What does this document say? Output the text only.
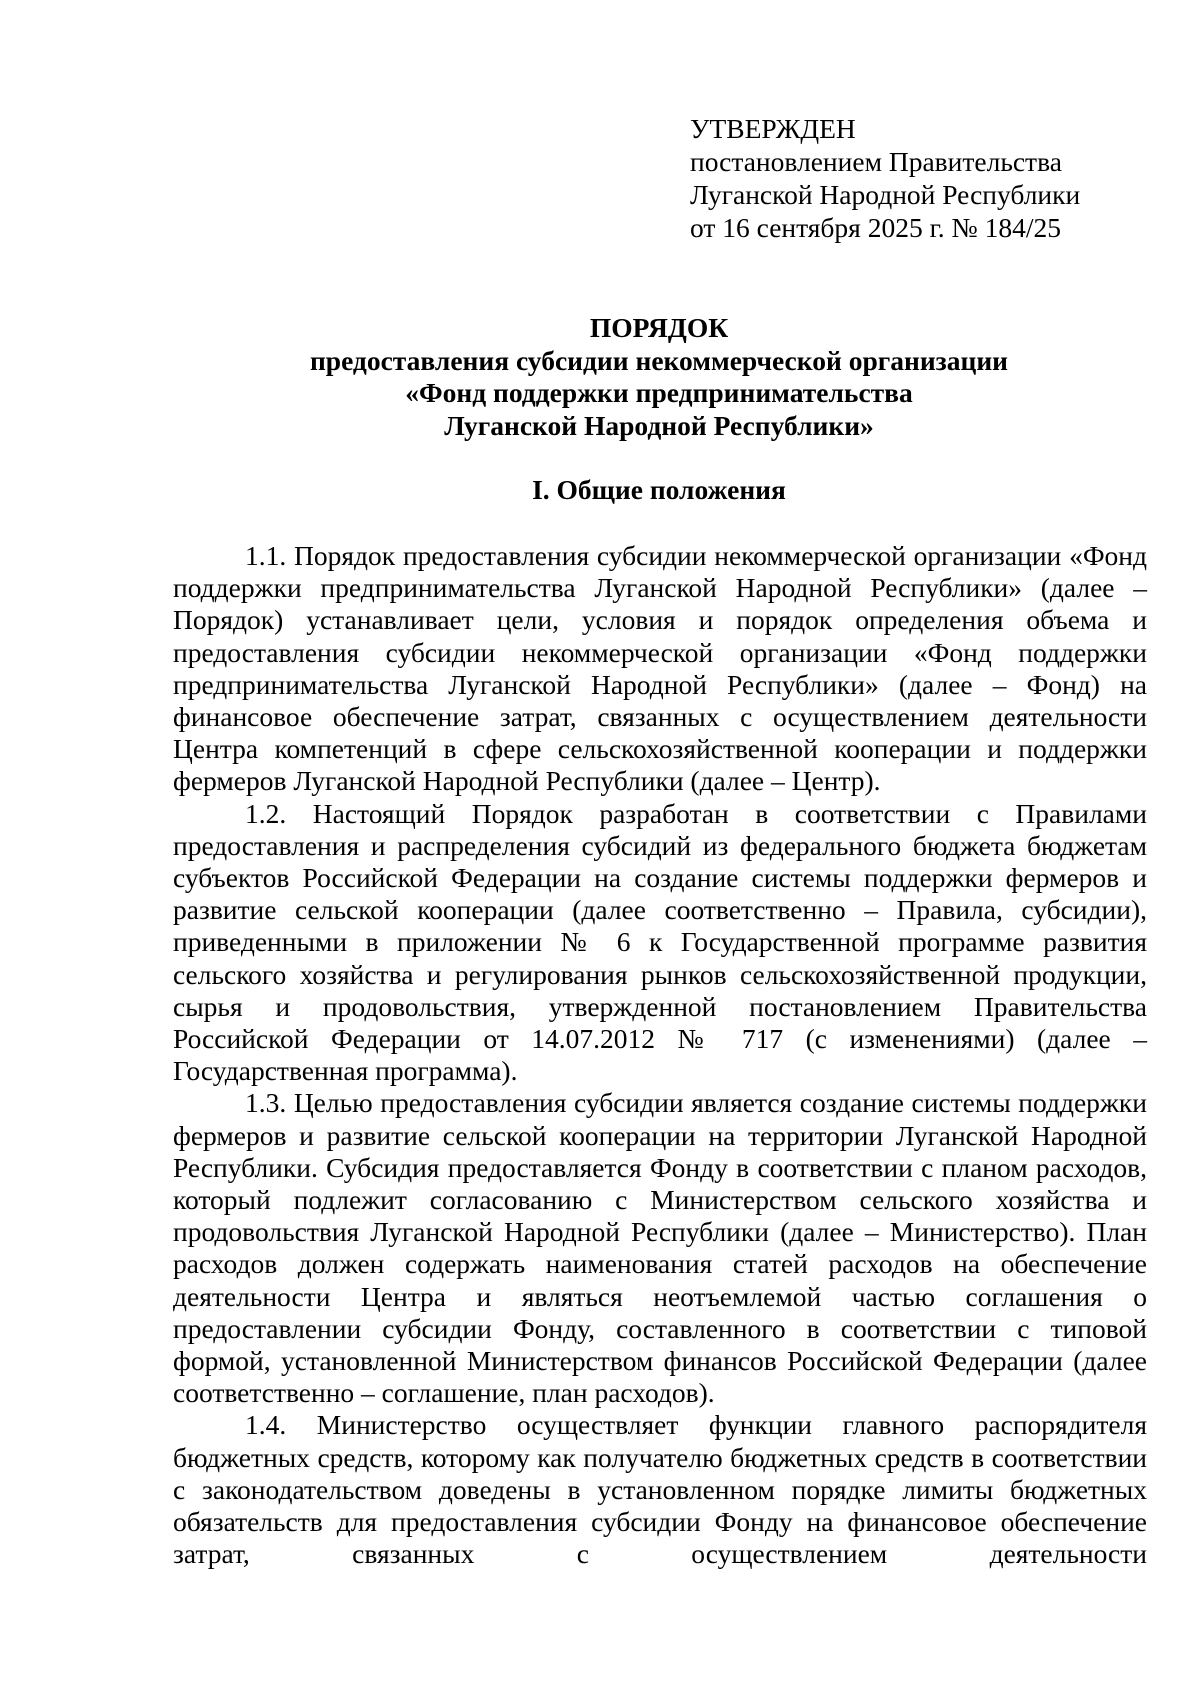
УТВЕРЖДЕН
постановлением Правительства
Луганской Народной Республики
от 16 сентября 2025 г. № 184/25
ПОРЯДОК
предоставления субсидии некоммерческой организации
«Фонд поддержки предпринимательства
Луганской Народной Республики»
I. Общие положения

1.1. Порядок предоставления субсидии некоммерческой организации «Фонд поддержки предпринимательства Луганской Народной Республики» (далее – Порядок) устанавливает цели, условия и порядок определения объема и предоставления субсидии некоммерческой организации «Фонд поддержки предпринимательства Луганской Народной Республики» (далее – Фонд) на финансовое обеспечение затрат, связанных с осуществлением деятельности Центра компетенций в сфере сельскохозяйственной кооперации и поддержки фермеров Луганской Народной Республики (далее – Центр).

1.2. Настоящий Порядок разработан в соответствии с Правилами предоставления и распределения субсидий из федерального бюджета бюджетам субъектов Российской Федерации на создание системы поддержки фермеров и развитие сельской кооперации (далее соответственно – Правила, субсидии), приведенными в приложении № 6 к Государственной программе развития сельского хозяйства и регулирования рынков сельскохозяйственной продукции, сырья и продовольствия, утвержденной постановлением Правительства Российской Федерации от 14.07.2012 № 717 (с изменениями) (далее – Государственная программа).

1.3. Целью предоставления субсидии является создание системы поддержки фермеров и развитие сельской кооперации на территории Луганской Народной Республики. Субсидия предоставляется Фонду в соответствии с планом расходов, который подлежит согласованию с Министерством сельского хозяйства и продовольствия Луганской Народной Республики (далее – Министерство). План расходов должен содержать наименования статей расходов на обеспечение деятельности Центра и являться неотъемлемой частью соглашения о предоставлении субсидии Фонду, составленного в соответствии с типовой формой, установленной Министерством финансов Российской Федерации (далее соответственно – соглашение, план расходов).

1.4. Министерство осуществляет функции главного распорядителя бюджетных средств, которому как получателю бюджетных средств в соответствии с законодательством доведены в установленном порядке лимиты бюджетных обязательств для предоставления субсидии Фонду на финансовое обеспечение затрат, связанных с осуществлением деятельности
